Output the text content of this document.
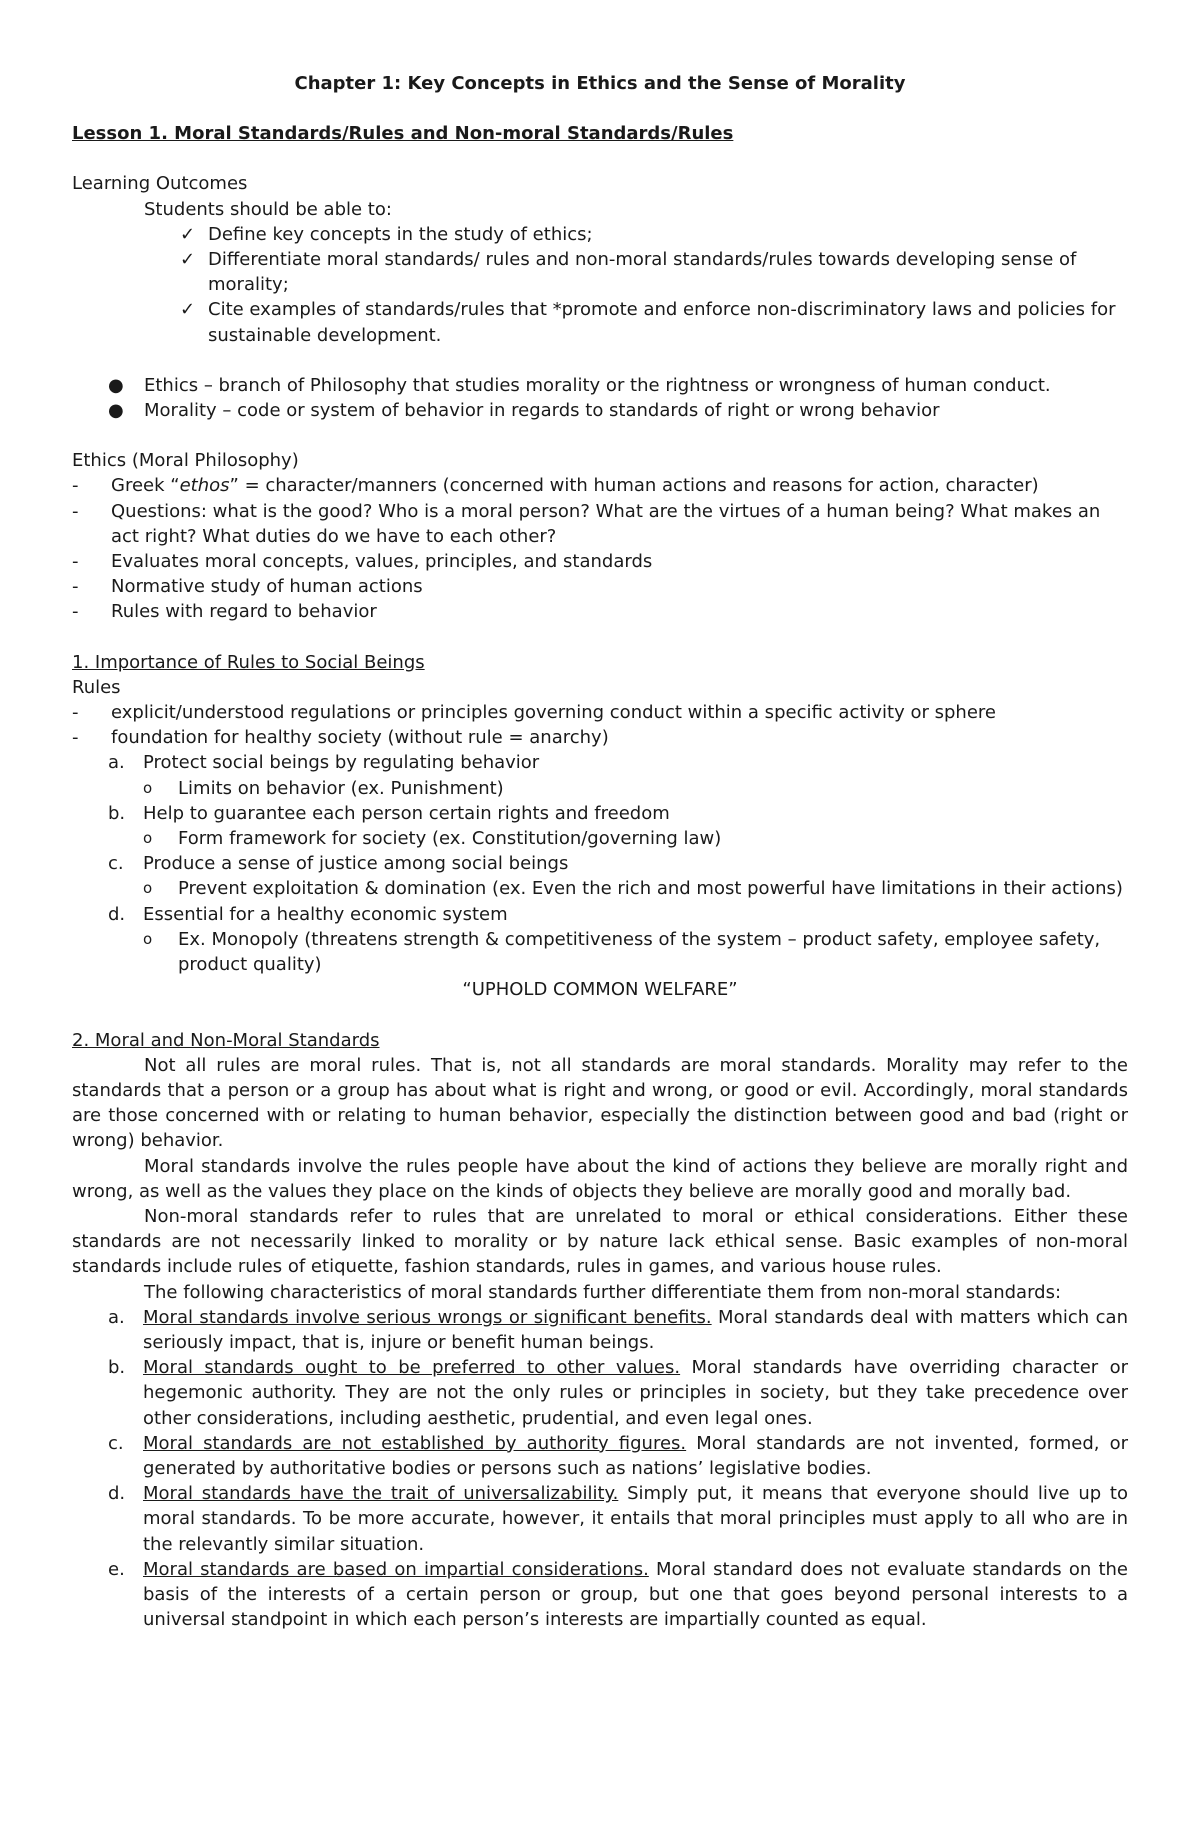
Chapter 1: Key Concepts in Ethics and the Sense of Morality

Lesson 1. Moral Standards/Rules and Non-moral Standards/Rules

Learning Outcomes
Students should be able to:
✓ Define key concepts in the study of ethics;
✓ Differentiate moral standards/ rules and non-moral standards/rules towards developing sense of morality;
✓ Cite examples of standards/rules that *promote and enforce non-discriminatory laws and policies for sustainable development.
● Ethics – branch of Philosophy that studies morality or the rightness or wrongness of human conduct.
● Morality – code or system of behavior in regards to standards of right or wrong behavior
Ethics (Moral Philosophy)
- Greek “ethos” = character/manners (concerned with human actions and reasons for action, character)
- Questions: what is the good? Who is a moral person? What are the virtues of a human being? What makes an act right? What duties do we have to each other?
- Evaluates moral concepts, values, principles, and standards
- Normative study of human actions
- Rules with regard to behavior
1. Importance of Rules to Social Beings
Rules
- explicit/understood regulations or principles governing conduct within a specific activity or sphere
- foundation for healthy society (without rule = anarchy)
a. Protect social beings by regulating behavior
o Limits on behavior (ex. Punishment)
b. Help to guarantee each person certain rights and freedom
o Form framework for society (ex. Constitution/governing law)
c. Produce a sense of justice among social beings
o Prevent exploitation & domination (ex. Even the rich and most powerful have limitations in their actions)
d. Essential for a healthy economic system
o Ex. Monopoly (threatens strength & competitiveness of the system – product safety, employee safety, product quality)
“UPHOLD COMMON WELFARE”
2. Moral and Non-Moral Standards

Not all rules are moral rules. That is, not all standards are moral standards. Morality may refer to the standards that a person or a group has about what is right and wrong, or good or evil. Accordingly, moral standards are those concerned with or relating to human behavior, especially the distinction between good and bad (right or wrong) behavior.

Moral standards involve the rules people have about the kind of actions they believe are morally right and wrong, as well as the values they place on the kinds of objects they believe are morally good and morally bad.

Non-moral standards refer to rules that are unrelated to moral or ethical considerations. Either these standards are not necessarily linked to morality or by nature lack ethical sense. Basic examples of non-moral standards include rules of etiquette, fashion standards, rules in games, and various house rules.

The following characteristics of moral standards further differentiate them from non-moral standards:

a. Moral standards involve serious wrongs or significant benefits. Moral standards deal with matters which can seriously impact, that is, injure or benefit human beings.
b. Moral standards ought to be preferred to other values. Moral standards have overriding character or hegemonic authority. They are not the only rules or principles in society, but they take precedence over other considerations, including aesthetic, prudential, and even legal ones.
c. Moral standards are not established by authority figures. Moral standards are not invented, formed, or generated by authoritative bodies or persons such as nations’ legislative bodies.
d. Moral standards have the trait of universalizability. Simply put, it means that everyone should live up to moral standards. To be more accurate, however, it entails that moral principles must apply to all who are in the relevantly similar situation.
e. Moral standards are based on impartial considerations. Moral standard does not evaluate standards on the basis of the interests of a certain person or group, but one that goes beyond personal interests to a universal standpoint in which each person’s interests are impartially counted as equal.
